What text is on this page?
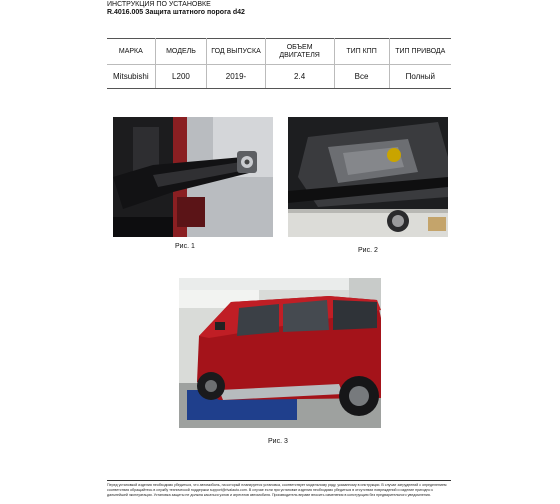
ИНСТРУКЦИЯ ПО УСТАНОВКЕ
R.4016.005 Защита штатного порога d42
МАРКА	МОДЕЛЬ	ГОД ВЫПУСКА	ОБЪЕМ ДВИГАТЕЛЯ	ТИП КПП	ТИП ПРИВОДА
Mitsubishi	L200	2019-	2.4	Все	Полный
Рис. 1
Рис. 2
Рис. 3
Перед установкой изделия необходимо убедиться, что автомобиль, на который планируется установка, соответствует модельному ряду, указанному в инструкции. В случае затруднений с определением соответствия обращайтесь в службу технической поддержки support@rivalauto.com. В случае если при установке изделия необходимо убедиться в отсутствии повреждений и изделие пригодно к дальнейшей эксплуатации. Установка защиты не должна касаться узлов и агрегатов автомобиля. Производитель вправе вносить изменения в конструкцию без предварительного уведомления.
